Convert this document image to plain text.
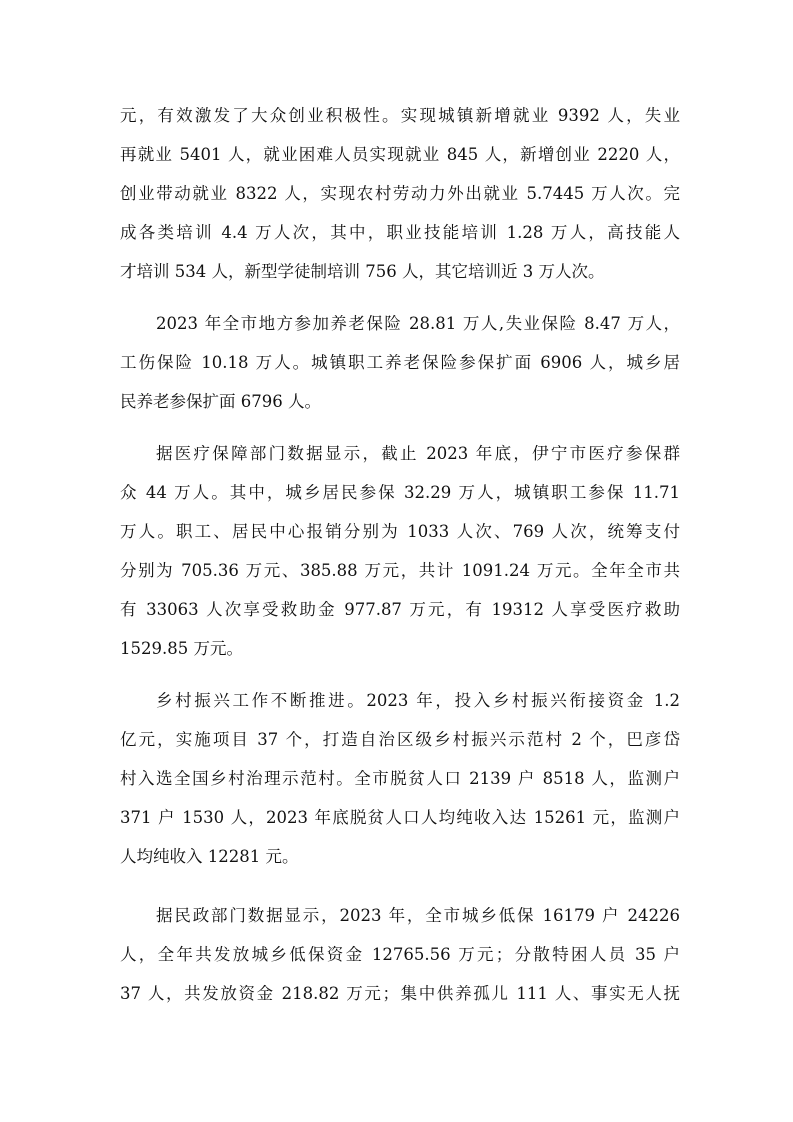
元，有效激发了大众创业积极性。实现城镇新增就业 9392 人，失业
再就业 5401 人，就业困难人员实现就业 845 人，新增创业 2220 人，
创业带动就业 8322 人，实现农村劳动力外出就业 5.7445 万人次。完
成各类培训 4.4 万人次，其中，职业技能培训 1.28 万人，高技能人
才培训 534 人，新型学徒制培训 756 人，其它培训近 3 万人次。
2023 年全市地方参加养老保险 28.81 万人,失业保险 8.47 万人，
工伤保险 10.18 万人。城镇职工养老保险参保扩面 6906 人，城乡居
民养老参保扩面 6796 人。
据医疗保障部门数据显示，截止 2023 年底，伊宁市医疗参保群
众 44 万人。其中，城乡居民参保 32.29 万人，城镇职工参保 11.71
万人。职工、居民中心报销分别为 1033 人次、769 人次，统筹支付
分别为 705.36 万元、385.88 万元，共计 1091.24 万元。全年全市共
有 33063 人次享受救助金 977.87 万元，有 19312 人享受医疗救助
1529.85 万元。
乡村振兴工作不断推进。2023 年，投入乡村振兴衔接资金 1.2
亿元，实施项目 37 个，打造自治区级乡村振兴示范村 2 个，巴彦岱
村入选全国乡村治理示范村。全市脱贫人口 2139 户 8518 人，监测户
371 户 1530 人，2023 年底脱贫人口人均纯收入达 15261 元，监测户
人均纯收入 12281 元。
据民政部门数据显示，2023 年，全市城乡低保 16179 户 24226
人，全年共发放城乡低保资金 12765.56 万元；分散特困人员 35 户
37 人，共发放资金 218.82 万元；集中供养孤儿 111 人、事实无人抚
